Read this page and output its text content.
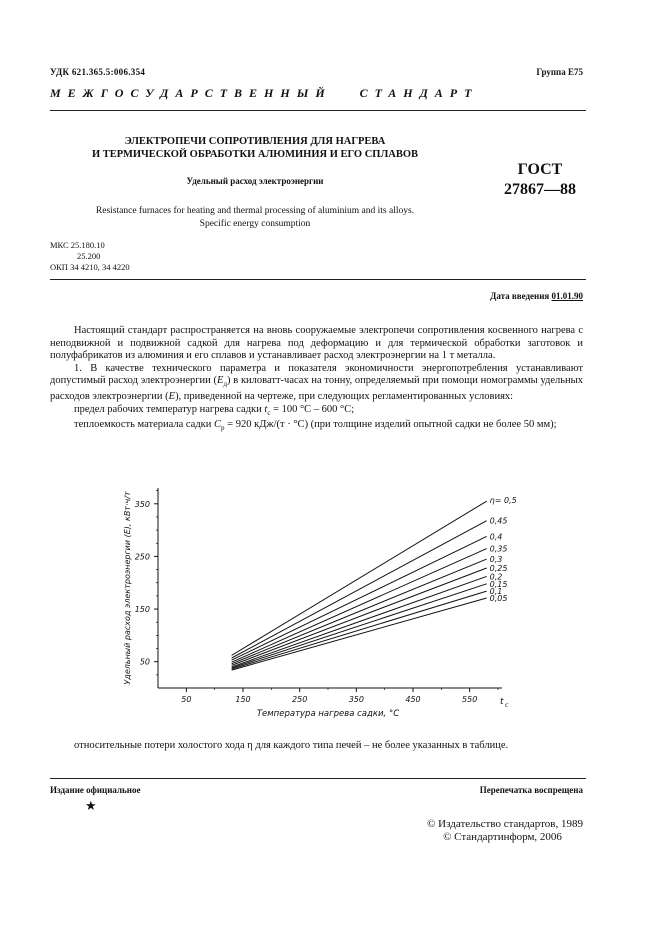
УДК 621.365.5:006.354	Группа Е75
МЕЖГОСУДАРСТВЕННЫЙ СТАНДАРТ
ЭЛЕКТРОПЕЧИ СОПРОТИВЛЕНИЯ ДЛЯ НАГРЕВА
И ТЕРМИЧЕСКОЙ ОБРАБОТКИ АЛЮМИНИЯ И ЕГО СПЛАВОВ
Удельный расход электроэнергии
ГОСТ
27867—88
Resistance furnaces for heating and thermal processing of aluminium and its alloys.
Specific energy consumption
МКС 25.180.10
25.200
ОКП 34 4210, 34 4220
Дата введения 01.01.90

Настоящий стандарт распространяется на вновь сооружаемые электропечи сопротивления косвенного нагрева с неподвижной и подвижной садкой для нагрева под деформацию и для термической обработки заготовок и полуфабрикатов из алюминия и его сплавов и устанавливает расход электроэнергии на 1 т металла.

1. В качестве технического параметра и показателя экономичности энергопотребления устанавливают допустимый расход электроэнергии $(E_д)$ в киловатт-часах на тонну, определяемый при помощи номограммы удельных расходов электроэнергии (E), приведенной на чертеже, при следующих регламентированных условиях:

предел рабочих температур нагрева садки $t_с = 100$ °С – 600 °С;

теплоемкость материала садки $C_p = 920$ кДж/(т · °С) (при толщине изделий опытной садки не более 50 мм);

50
150
250
350
50	150	250	350	450	550	t c
Температура нагрева садки, °С
Удельный расход электроэнергии (E), кВт·ч/т	η= 0,5
0,45
0,4
0,35
0,3
0,25
0,2
0,15
0,1
0,05

относительные потери холостого хода η для каждого типа печей – не более указанных в таблице.

Издание официальное	Перепечатка воспрещена
★
© Издательство стандартов, 1989
© Стандартинформ, 2006
